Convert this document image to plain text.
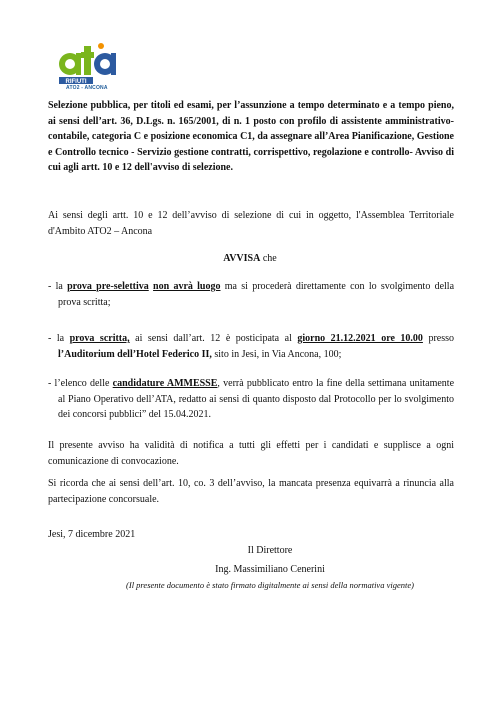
RIFIUTI
ATO2 - ANCONA
Selezione pubblica, per titoli ed esami, per l’assunzione a tempo determinato e a tempo pieno, ai sensi dell’art. 36, D.Lgs. n. 165/2001, di n. 1 posto con profilo di assistente amministrativo-contabile, categoria C e posizione economica C1, da assegnare all’Area Pianificazione, Gestione e Controllo tecnico - Servizio gestione contratti, corrispettivo, regolazione e controllo- Avviso di cui agli artt. 10 e 12 dell'avviso di selezione.
Ai sensi degli artt. 10 e 12 dell’avviso di selezione di cui in oggetto, l'Assemblea Territoriale d'Ambito ATO2 – Ancona
AVVISA che
- la prova pre-selettiva non avrà luogo ma si procederà direttamente con lo svolgimento della prova scritta;
- la prova scritta, ai sensi dall’art. 12 è posticipata al giorno 21.12.2021 ore 10.00 presso l’Auditorium dell’Hotel Federico II, sito in Jesi, in Via Ancona, 100;
- l’elenco delle candidature AMMESSE, verrà pubblicato entro la fine della settimana unitamente al Piano Operativo dell’ATA, redatto ai sensi di quanto disposto dal Protocollo per lo svolgimento dei concorsi pubblici” del 15.04.2021.
Il presente avviso ha validità di notifica a tutti gli effetti per i candidati e supplisce a ogni comunicazione di convocazione.
Si ricorda che ai sensi dell’art. 10, co. 3 dell’avviso, la mancata presenza equivarrà a rinuncia alla partecipazione concorsuale.
Jesi, 7 dicembre 2021
Il Direttore
Ing. Massimiliano Cenerini
(Il presente documento è stato firmato digitalmente ai sensi della normativa vigente)
